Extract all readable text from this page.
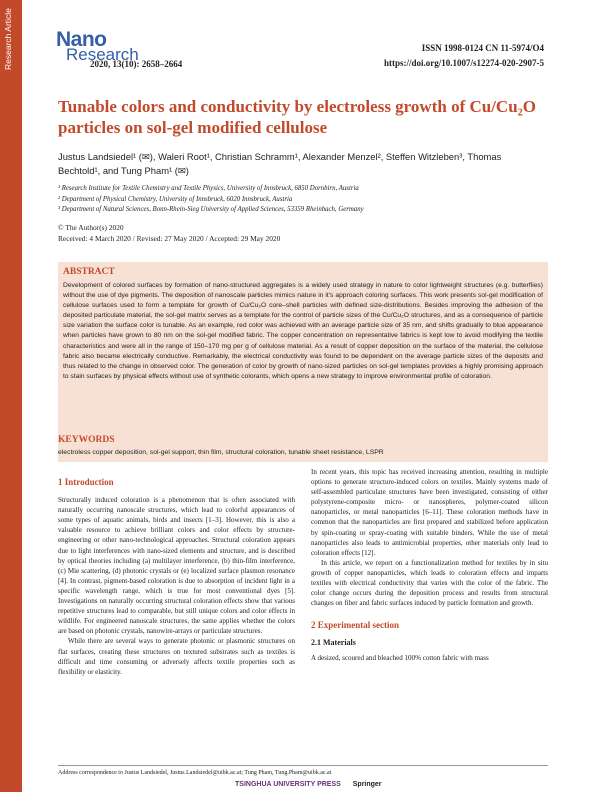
Research Article Nano
Research
2020, 13(10): 2658–2664
ISSN 1998-0124 CN 11-5974/O4
https://doi.org/10.1007/s12274-020-2907-5
Tunable colors and conductivity by electroless growth of Cu/Cu₂O particles on sol-gel modified cellulose
Justus Landsiedel¹ (✉), Waleri Root¹, Christian Schramm¹, Alexander Menzel², Steffen Witzleben³, Thomas
Bechtold¹, and Tung Pham¹ (✉)
¹ Research Institute for Textile Chemistry and Textile Physics, University of Innsbruck, 6850 Dornbirn, Austria
² Department of Physical Chemistry, University of Innsbruck, 6020 Innsbruck, Austria
³ Department of Natural Sciences, Bonn-Rhein-Sieg University of Applied Sciences, 53359 Rheinbach, Germany
© The Author(s) 2020
Received: 4 March 2020 / Revised: 27 May 2020 / Accepted: 29 May 2020
ABSTRACT
Development of colored surfaces by formation of nano-structured aggregates is a widely used strategy in nature to color lightweight structures (e.g. butterflies) without the use of dye pigments. The deposition of nanoscale particles mimics nature in it's approach coloring surfaces. This work presents sol-gel modification of cellulose surfaces used to form a template for growth of Cu/Cu₂O core–shell particles with defined size-distributions. Besides improving the adhesion of the deposited particulate material, the sol-gel matrix serves as a template for the control of particle sizes of the Cu/Cu₂O structures, and as a consequence of particle size variation the surface color is tunable. As an example, red color was achieved with an average particle size of 35 nm, and shifts gradually to blue appearance when particles have grown to 80 nm on the sol-gel modified fabric. The copper concentration on representative fabrics is kept low to avoid modifying the textile characteristics and were all in the range of 150–170 mg per g of cellulose material. As a result of copper deposition on the surface of the material, the cellulose fabric also became electrically conductive. Remarkably, the electrical conductivity was found to be dependent on the average particle sizes of the deposits and thus related to the change in observed color. The generation of color by growth of nano-sized particles on sol-gel templates provides a highly promising approach to stain surfaces by physical effects without use of synthetic colorants, which opens a new strategy to improve environmental profile of coloration.
KEYWORDS
electroless copper deposition, sol-gel support, thin film, structural coloration, tunable sheet resistance, LSPR
1 Introduction

Structurally induced coloration is a phenomenon that is often associated with naturally occurring nanoscale structures, which lead to colorful appearances of some types of aquatic animals, birds and insects [1–3]. However, this is also a valuable resource to achieve brilliant colors and color effects by structure-engineering or other nano-technological approaches. Structural coloration appears due to light interferences with nano-sized elements and structure, and is described by optical theories including (a) multilayer interference, (b) thin-film interference, (c) Mie scattering, (d) photonic crystals or (e) localized surface plasmon resonance [4]. In contrast, pigment-based coloration is due to absorption of incident light in a specific wavelength range, which is true for most conventional dyes [5]. Investigations on naturally occurring structural coloration effects show that various repetitive structures lead to comparable, but still unique colors and color effects in wildlife. For engineered nanoscale structures, the same applies whether the colors are based on photonic crystals, nanowire-arrays or particulate structures.

While there are several ways to generate photonic or plasmonic structures on flat surfaces, creating these structures on textured substrates such as textiles is difficult and time consuming or adversely affects textile properties such as flexibility or elasticity.

In recent years, this topic has received increasing attention, resulting in multiple options to generate structure-induced colors on textiles. Mainly systems made of self-assembled particulate structures have been investigated, consisting of either polystyrene-composite micro- or nanospheres, polymer-coated silicon nanoparticles, or metal nanoparticles [6–11]. These coloration methods have in common that the nanoparticles are first prepared and stabilized before application by spin-coating or spray-coating with suitable binders. While the use of metal nanoparticles also leads to antimicrobial properties, other materials only lead to coloration effects [12].

In this article, we report on a functionalization method for textiles by in situ growth of copper nanoparticles, which leads to coloration effects and imparts textiles with electrical conductivity that varies with the color of the fabric. The color change occurs during the deposition process and results from structural changes on fiber and fabric surfaces induced by particle formation and growth.

2 Experimental section
2.1 Materials

A desized, scoured and bleached 100% cotton fabric with mass

Address correspondence to Justus Landsiedel, Justus.Landsiedel@uibk.ac.at; Tung Pham, Tung.Pham@uibk.ac.at
TSINGHUA UNIVERSITY PRESS Springer
